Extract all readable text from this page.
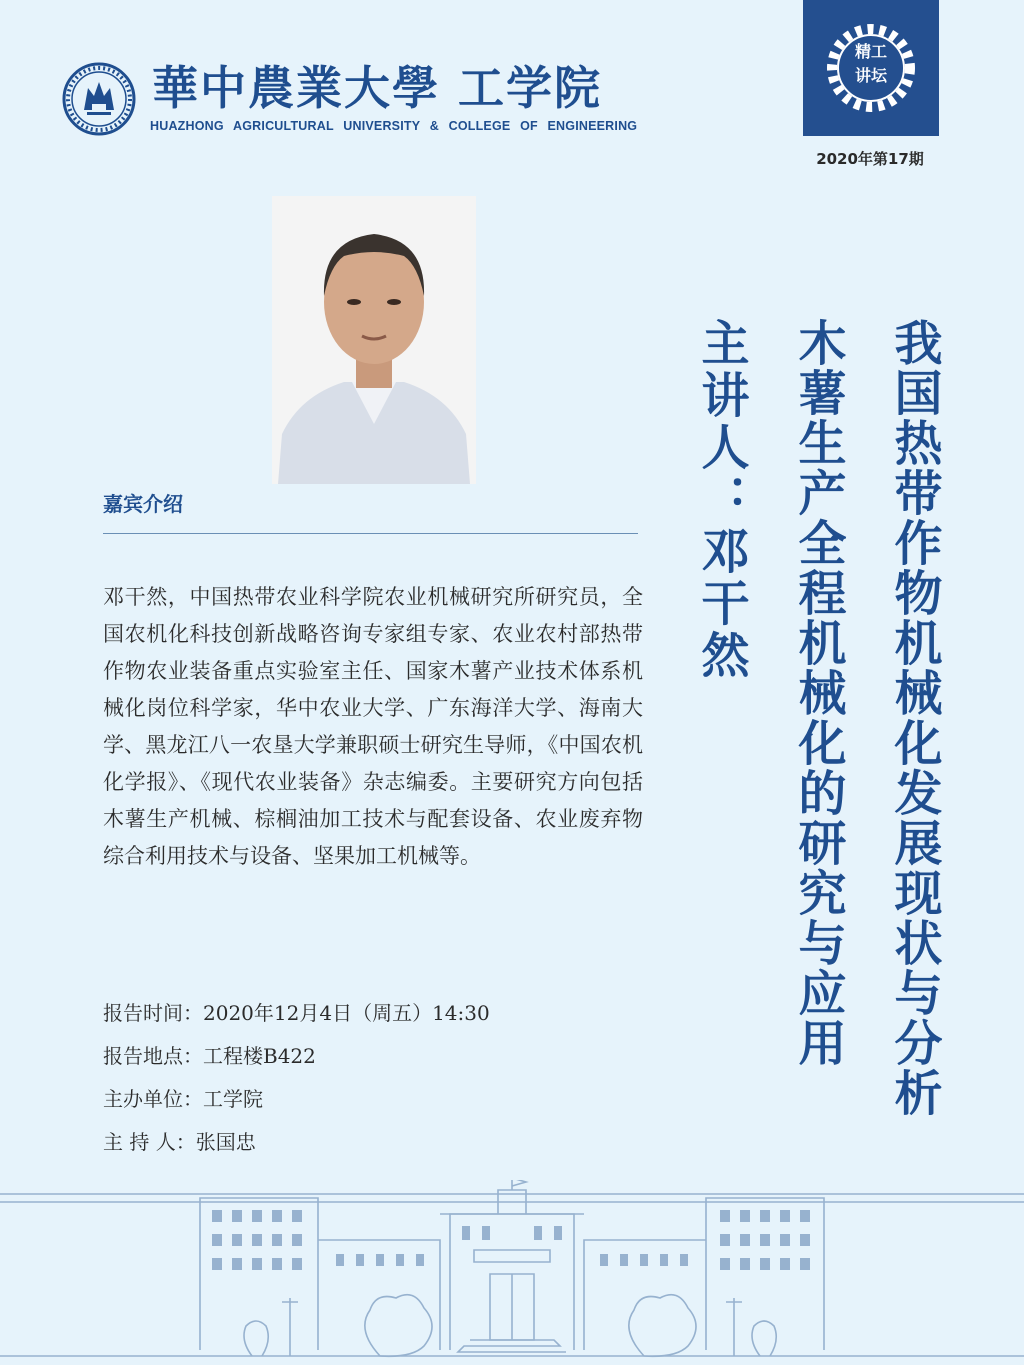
華中農業大學 工学院
HUAZHONG AGRICULTURAL UNIVERSITY & COLLEGE OF ENGINEERING
精工
讲坛
2020年第17期
我国热带作物机械化发展现状与分析
木薯生产全程机械化的研究与应用
主讲人：邓干然
嘉宾介绍

邓干然，中国热带农业科学院农业机械研究所研究员，全国农机化科技创新战略咨询专家组专家、农业农村部热带作物农业装备重点实验室主任、国家木薯产业技术体系机械化岗位科学家，华中农业大学、广东海洋大学、海南大学、黑龙江八一农垦大学兼职硕士研究生导师，《中国农机化学报》、《现代农业装备》杂志编委。主要研究方向包括木薯生产机械、棕榈油加工技术与配套设备、农业废弃物综合利用技术与设备、坚果加工机械等。

报告时间：2020年12月4日（周五）14:30
报告地点：工程楼B422
主办单位：工学院
主 持 人：张国忠
